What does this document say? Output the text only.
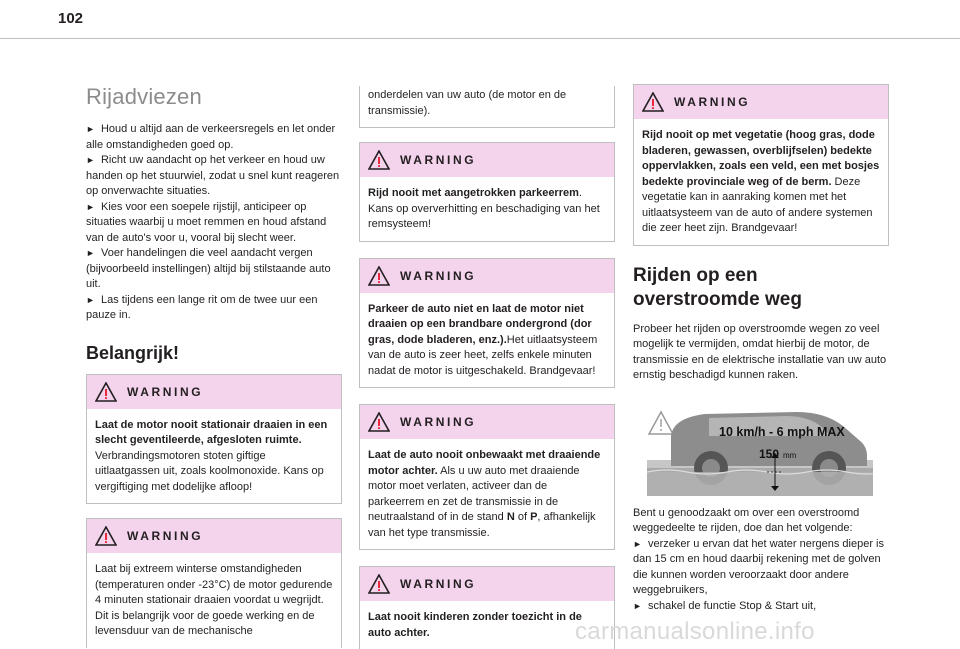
102
Rijadviezen
► Houd u altijd aan de verkeersregels en let onder alle omstandigheden goed op.
► Richt uw aandacht op het verkeer en houd uw handen op het stuurwiel, zodat u snel kunt reageren op onverwachte situaties.
► Kies voor een soepele rijstijl, anticipeer op situaties waarbij u moet remmen en houd afstand van de auto's voor u, vooral bij slecht weer.
► Voer handelingen die veel aandacht vergen (bijvoorbeeld instellingen) altijd bij stilstaande auto uit.
► Las tijdens een lange rit om de twee uur een pauze in.
Belangrijk!
WARNING
Laat de motor nooit stationair draaien in een slecht geventileerde, afgesloten ruimte.
Verbrandingsmotoren stoten giftige uitlaatgassen uit, zoals koolmonoxide. Kans op vergiftiging met dodelijke afloop!
WARNING
Laat bij extreem winterse omstandigheden (temperaturen onder -23°C) de motor gedurende 4 minuten stationair draaien voordat u wegrijdt. Dit is belangrijk voor de goede werking en de levensduur van de mechanische
onderdelen van uw auto (de motor en de transmissie).
WARNING
Rijd nooit met aangetrokken parkeerrem. Kans op oververhitting en beschadiging van het remsysteem!
WARNING
Parkeer de auto niet en laat de motor niet draaien op een brandbare ondergrond (dor gras, dode bladeren, enz.).Het uitlaatsysteem van de auto is zeer heet, zelfs enkele minuten nadat de motor is uitgeschakeld. Brandgevaar!
WARNING
Laat de auto nooit onbewaakt met draaiende motor achter. Als u uw auto met draaiende motor moet verlaten, activeer dan de parkeerrem en zet de transmissie in de neutraalstand of in de stand N of P, afhankelijk van het type transmissie.
WARNING
Laat nooit kinderen zonder toezicht in de auto achter.
WARNING
Rijd nooit op met vegetatie (hoog gras, dode bladeren, gewassen, overblijfselen) bedekte oppervlakken, zoals een veld, een met bosjes bedekte provinciale weg of de berm. Deze vegetatie kan in aanraking komen met het uitlaatsysteem van de auto of andere systemen die zeer heet zijn. Brandgevaar!
Rijden op een overstroomde weg
Probeer het rijden op overstroomde wegen zo veel mogelijk te vermijden, omdat hierbij de motor, de transmissie en de elektrische installatie van uw auto ernstig beschadigd kunnen raken.
10 km/h - 6 mph MAX
150 mm
Bent u genoodzaakt om over een overstroomd weggedeelte te rijden, doe dan het volgende:
► verzeker u ervan dat het water nergens dieper is dan 15 cm en houd daarbij rekening met de golven die kunnen worden veroorzaakt door andere weggebruikers,
► schakel de functie Stop & Start uit,
carmanualsonline.info
